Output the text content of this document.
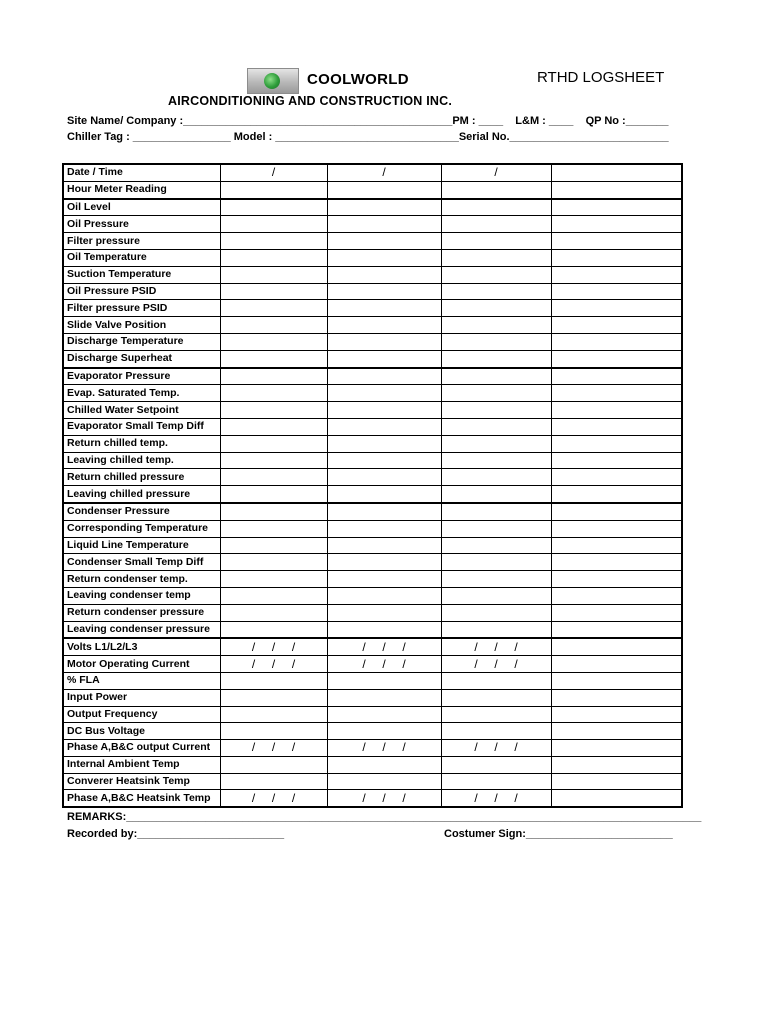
COOLWORLD	RTHD LOGSHEET
AIRCONDITIONING AND CONSTRUCTION INC.
Site Name/ Company :____________________________________________PM : ____    L&M : ____    QP No :_______
Chiller Tag : ________________ Model : ______________________________Serial No.__________________________
Date / Time	/	/	/	
Hour Meter Reading				
Oil Level				
Oil Pressure				
Filter pressure				
Oil Temperature				
Suction Temperature				
Oil Pressure PSID				
Filter pressure PSID				
Slide Valve Position				
Discharge Temperature				
Discharge Superheat				
Evaporator Pressure				
Evap. Saturated Temp.				
Chilled Water Setpoint				
Evaporator Small Temp Diff				
Return chilled temp.				
Leaving chilled temp.				
Return chilled pressure				
Leaving chilled pressure				
Condenser Pressure				
Corresponding Temperature				
Liquid Line Temperature				
Condenser Small Temp Diff				
Return condenser temp.				
Leaving condenser temp				
Return condenser pressure				
Leaving condenser pressure				
Volts L1/L2/L3	/     /     /	/     /     /	/     /     /	
Motor Operating Current	/     /     /	/     /     /	/     /     /	
% FLA				
Input Power				
Output Frequency				
DC Bus Voltage				
Phase A,B&C output Current	/     /     /	/     /     /	/     /     /	
Internal Ambient Temp				
Converer Heatsink Temp				
Phase A,B&C Heatsink Temp	/     /     /	/     /     /	/     /     /	
REMARKS:______________________________________________________________________________________________
Recorded by:________________________	Costumer Sign:________________________
